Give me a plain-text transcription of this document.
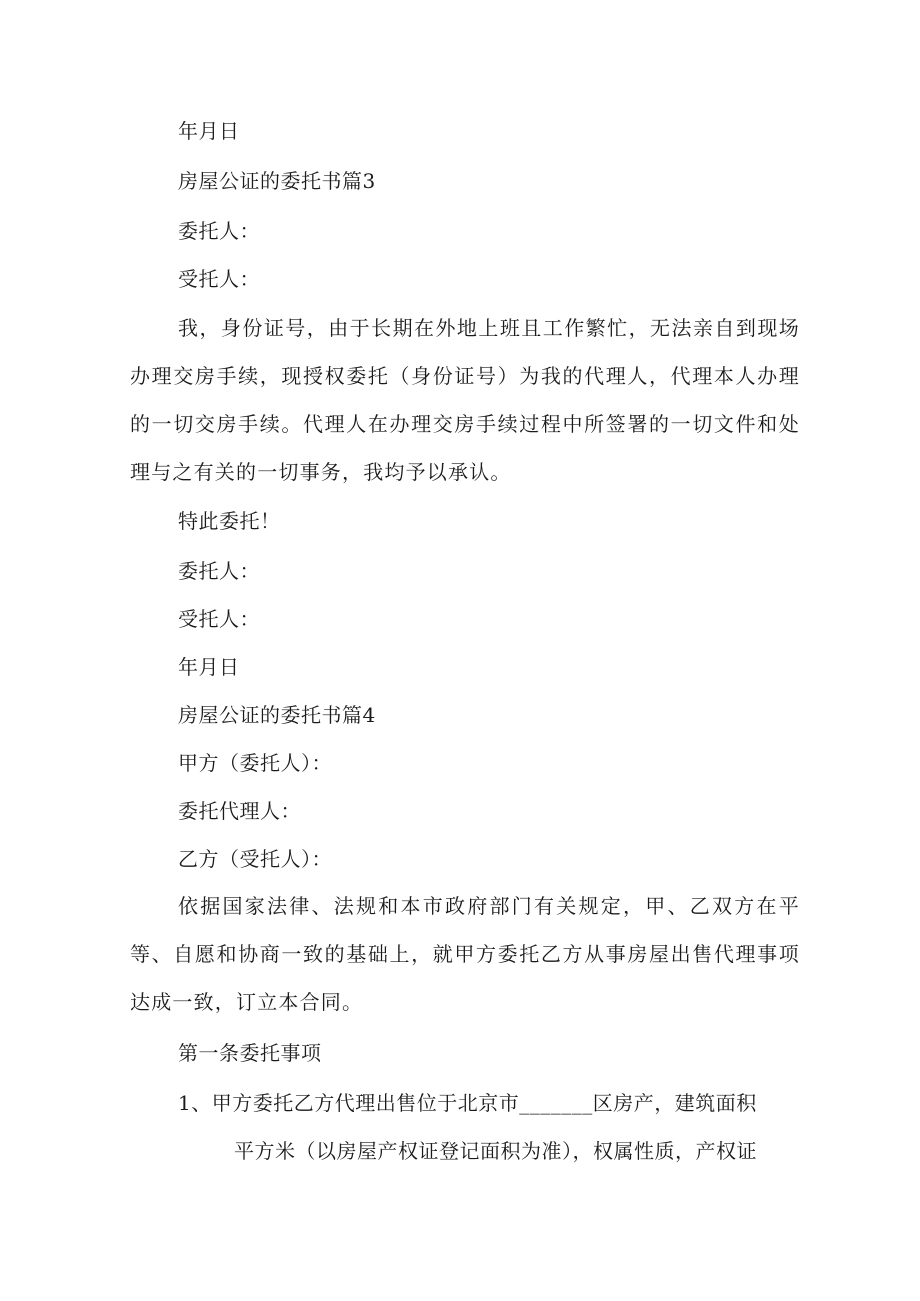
年月日
房屋公证的委托书篇3
委托人：
受托人：
我，身份证号，由于长期在外地上班且工作繁忙，无法亲自到现场办理交房手续，现授权委托（身份证号）为我的代理人，代理本人办理的一切交房手续。代理人在办理交房手续过程中所签署的一切文件和处理与之有关的一切事务，我均予以承认。
特此委托！
委托人：
受托人：
年月日
房屋公证的委托书篇4
甲方（委托人）：
委托代理人：
乙方（受托人）：
依据国家法律、法规和本市政府部门有关规定，甲、乙双方在平等、自愿和协商一致的基础上，就甲方委托乙方从事房屋出售代理事项达成一致，订立本合同。
第一条委托事项
1、甲方委托乙方代理出售位于北京市_______区房产，建筑面积
平方米（以房屋产权证登记面积为准），权属性质，产权证
